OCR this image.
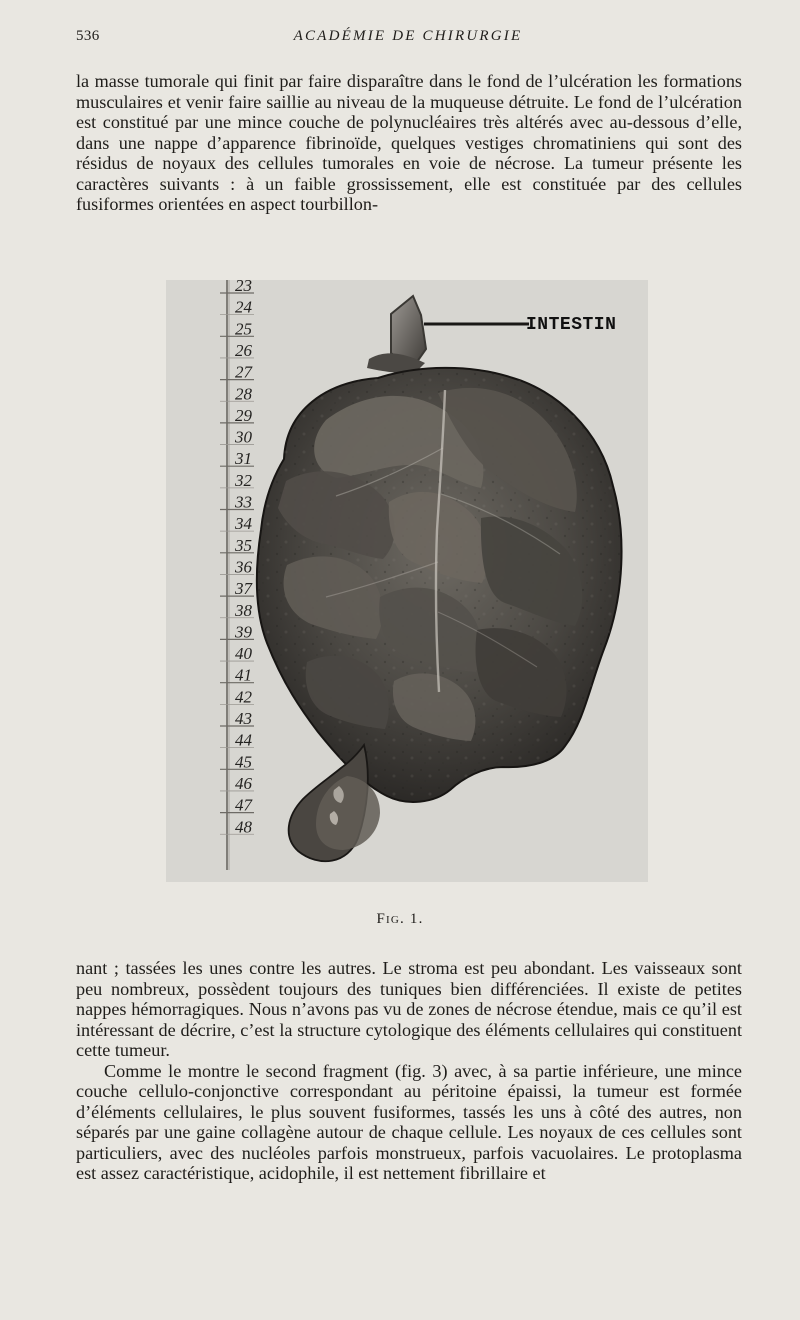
536	ACADÉMIE DE CHIRURGIE

la masse tumorale qui finit par faire disparaître dans le fond de l’ulcération les formations musculaires et venir faire saillie au niveau de la muqueuse détruite. Le fond de l’ulcération est constitué par une mince couche de polynucléaires très altérés avec au-dessous d’elle, dans une nappe d’apparence fibrinoïde, quelques vestiges chromatiniens qui sont des résidus de noyaux des cellules tumorales en voie de nécrose. La tumeur présente les caractères suivants : à un faible grossissement, elle est constituée par des cellules fusiformes orientées en aspect tourbillon-

23
24
25
26
27
28
29
30
31
32
33
34
35
36
37
38
39
40
41
42
43
44
45
46
47
48
INTESTIN
Fig. 1.

nant ; tassées les unes contre les autres. Le stroma est peu abondant. Les vaisseaux sont peu nombreux, possèdent toujours des tuniques bien différenciées. Il existe de petites nappes hémorragiques. Nous n’avons pas vu de zones de nécrose étendue, mais ce qu’il est intéressant de décrire, c’est la structure cytologique des éléments cellulaires qui constituent cette tumeur.

Comme le montre le second fragment (fig. 3) avec, à sa partie inférieure, une mince couche cellulo-conjonctive correspondant au péritoine épaissi, la tumeur est formée d’éléments cellulaires, le plus souvent fusiformes, tassés les uns à côté des autres, non séparés par une gaine collagène autour de chaque cellule. Les noyaux de ces cellules sont particuliers, avec des nucléoles parfois monstrueux, parfois vacuolaires. Le protoplasma est assez caractéristique, acidophile, il est nettement fibrillaire et
